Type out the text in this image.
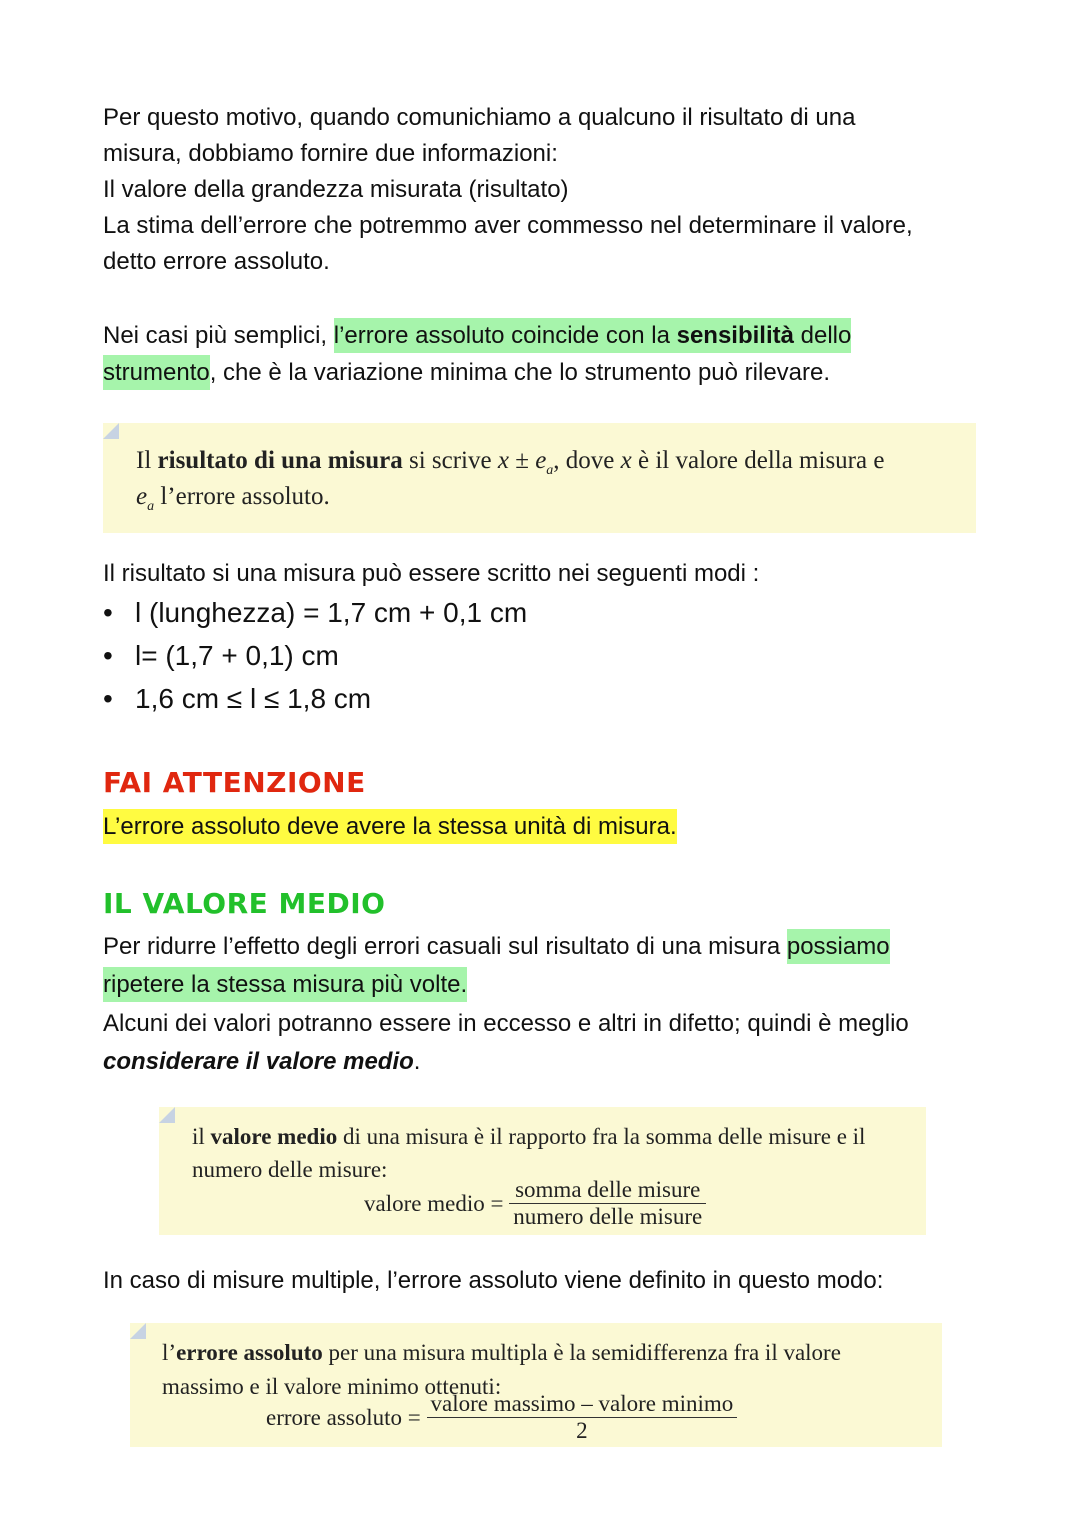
Per questo motivo, quando comunichiamo a qualcuno il risultato di una

misura, dobbiamo fornire due informazioni:

Il valore della grandezza misurata (risultato)

La stima dell’errore che potremmo aver commesso nel determinare il valore,

detto errore assoluto.

Nei casi più semplici, l’errore assoluto coincide con la sensibilità dello

strumento, che è la variazione minima che lo strumento può rilevare.

Il risultato di una misura si scrive $x \pm e_a$, dove x è il valore della misura e
$e_a$ l’errore assoluto.

Il risultato si una misura può essere scritto nei seguenti modi :

• l (lunghezza) = 1,7 cm + 0,1 cm
• l= (1,7 + 0,1) cm
• 1,6 cm ≤ l ≤ 1,8 cm
FAI ATTENZIONE

L’errore assoluto deve avere la stessa unità di misura.

IL VALORE MEDIO

Per ridurre l’effetto degli errori casuali sul risultato di una misura possiamo

ripetere la stessa misura più volte.

Alcuni dei valori potranno essere in eccesso e altri in difetto; quindi è meglio

considerare il valore medio.

il valore medio di una misura è il rapporto fra la somma delle misure e il
numero delle misure:
valore medio = $\frac{\text{somma delle misure}}{\text{numero delle misure}}$

In caso di misure multiple, l’errore assoluto viene definito in questo modo:

l’errore assoluto per una misura multipla è la semidifferenza fra il valore
massimo e il valore minimo ottenuti:
errore assoluto = $\frac{\text{valore massimo – valore minimo}}{2}$
